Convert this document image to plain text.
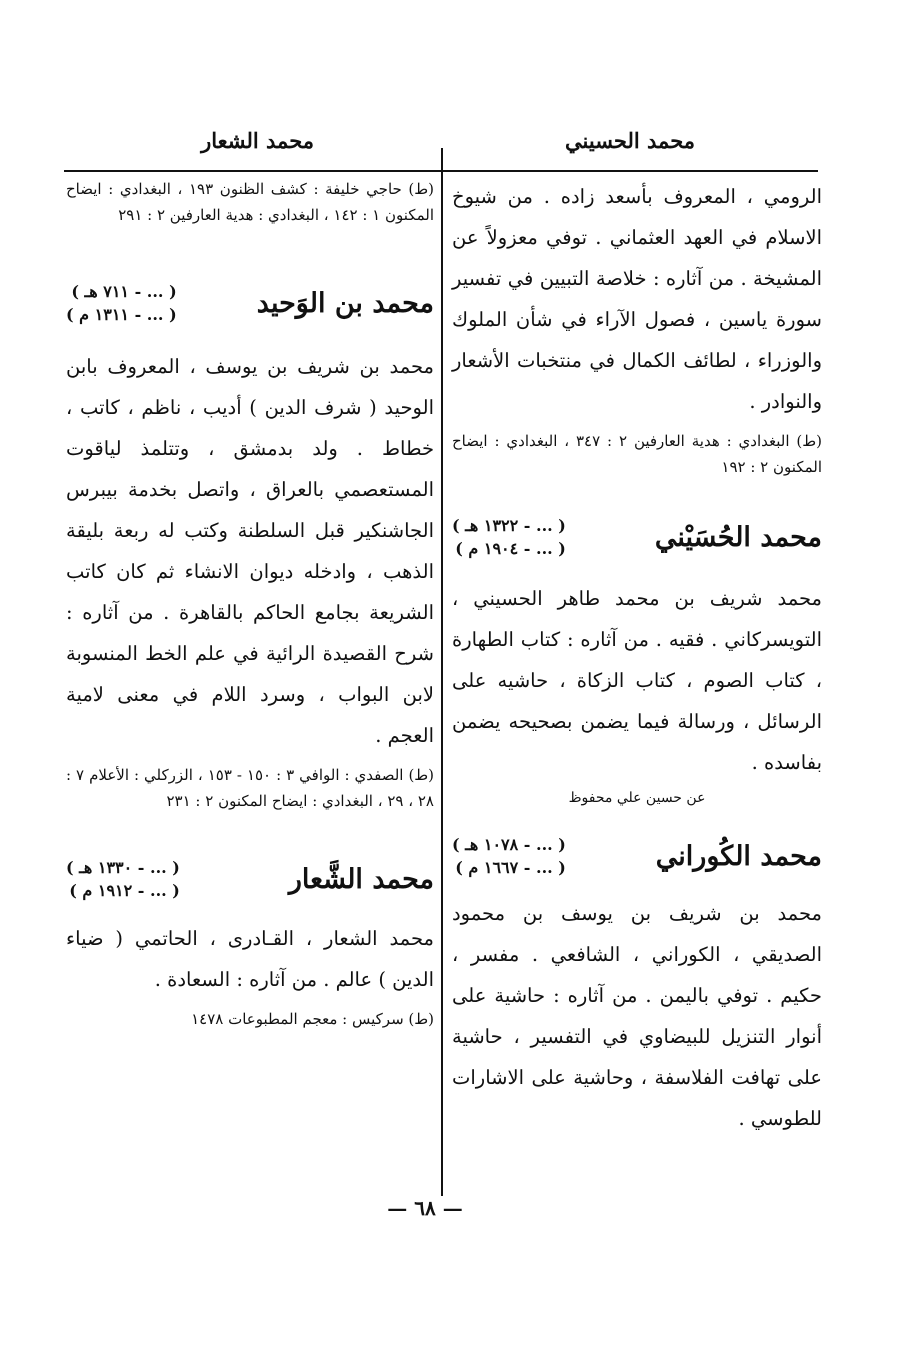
محمد الحسيني
محمد الشعار

الرومي ، المعروف بأسعد زاده . من شيوخ الاسلام في العهد العثماني . توفي معزولاً عن المشيخة . من آثاره : خلاصة التبيين في تفسير سورة ياسين ، فصول الآراء في شأن الملوك والوزراء ، لطائف الكمال في منتخبات الأشعار والنوادر .

(ط) البغدادي : هدية العارفين ٢ : ٣٤٧ ، البغدادي : ايضاح المكنون ٢ : ١٩٢

محمد الحُسَيْني
( ... - ١٣٢٢ هـ )
( ... - ١٩٠٤ م )

محمد شريف بن محمد طاهر الحسيني ، التويسركاني . فقيه . من آثاره : كتاب الطهارة ، كتاب الصوم ، كتاب الزكاة ، حاشيه على الرسائل ، ورسالة فيما يضمن بصحيحه يضمن بفاسده .

عن حسين علي محفوظ

محمد الكُوراني
( ... - ١٠٧٨ هـ )
( ... - ١٦٦٧ م )

محمد بن شريف بن يوسف بن محمود الصديقي ، الكوراني ، الشافعي . مفسر ، حكيم . توفي باليمن . من آثاره : حاشية على أنوار التنزيل للبيضاوي في التفسير ، حاشية على تهافت الفلاسفة ، وحاشية على الاشارات للطوسي .

(ط) حاجي خليفة : كشف الظنون ١٩٣ ، البغدادي : ايضاح المكنون ١ : ١٤٢ ، البغدادي : هدية العارفين ٢ : ٢٩١

محمد بن الوَحيد
( ... - ٧١١ هـ )
( ... - ١٣١١ م )

محمد بن شريف بن يوسف ، المعروف بابن الوحيد ( شرف الدين ) أديب ، ناظم ، كاتب ، خطاط . ولد بدمشق ، وتتلمذ لياقوت المستعصمي بالعراق ، واتصل بخدمة بيبرس الجاشنكير قبل السلطنة وكتب له ربعة بليقة الذهب ، وادخله ديوان الانشاء ثم كان كاتب الشريعة بجامع الحاكم بالقاهرة . من آثاره : شرح القصيدة الرائية في علم الخط المنسوبة لابن البواب ، وسرد اللام في معنى لامية العجم .

(ط) الصفدي : الوافي ٣ : ١٥٠ - ١٥٣ ، الزركلي : الأعلام ٧ : ٢٨ ، ٢٩ ، البغدادي : ايضاح المكنون ٢ : ٢٣١

محمد الشَّعار
( ... - ١٣٣٠ هـ )
( ... - ١٩١٢ م )

محمد الشعار ، القـادرى ، الحاتمي ( ضياء الدين ) عالم . من آثاره : السعادة .

(ط) سركيس : معجم المطبوعات ١٤٧٨

— ٦٨ —
